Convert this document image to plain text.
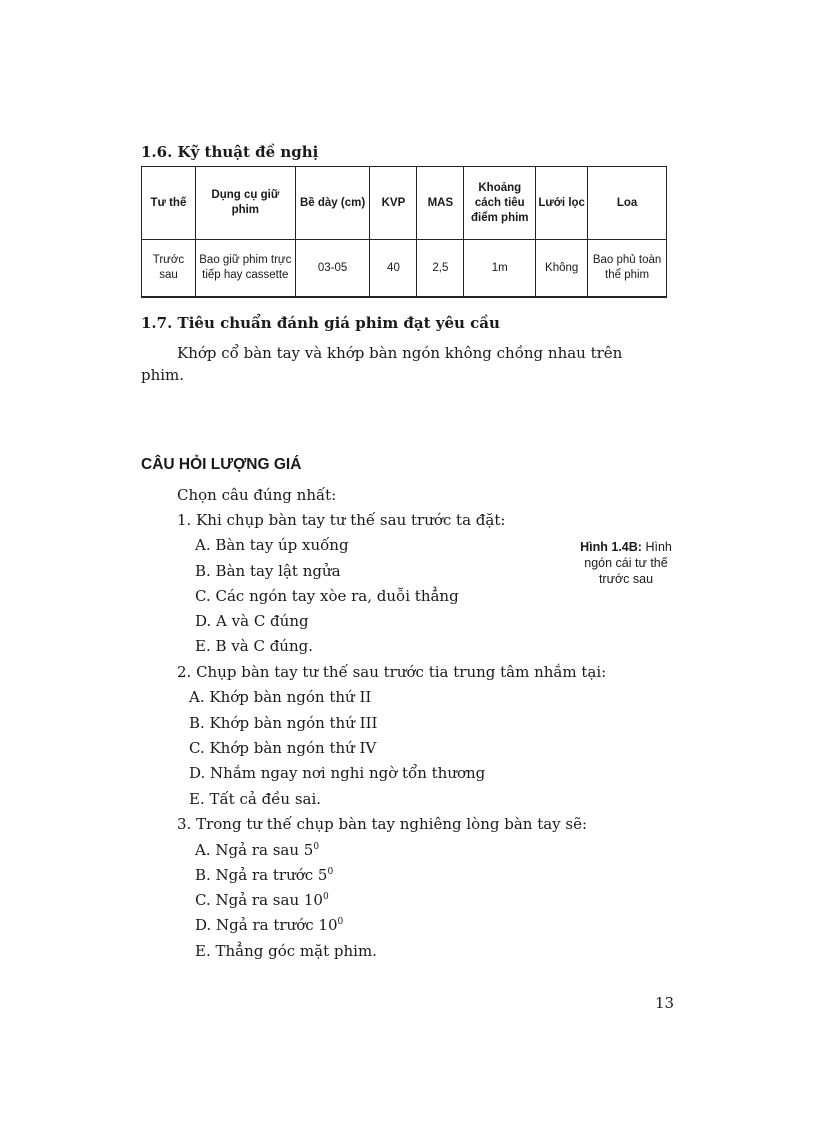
1.6. Kỹ thuật đề nghị
Tư thế	Dụng cụ giữ phim	Bề dày (cm)	KVP	MAS	Khoảng cách tiêu điểm phim	Lưới lọc	Loa
Trước sau	Bao giữ phim trực tiếp hay cassette	03-05	40	2,5	1m	Không	Bao phủ toàn thể phim
1.7. Tiêu chuẩn đánh giá phim đạt yêu cầu
Khớp cổ bàn tay và khớp bàn ngón không chồng nhau trên
phim.
CÂU HỎI LƯỢNG GIÁ
Chọn câu đúng nhất:
1. Khi chụp bàn tay tư thế sau trước ta đặt:
A. Bàn tay úp xuống
B. Bàn tay lật ngửa
C. Các ngón tay xòe ra, duỗi thẳng
D. A và C đúng
E. B và C đúng.
2. Chụp bàn tay tư thế sau trước tia trung tâm nhắm tại:
A. Khớp bàn ngón thứ II
B. Khớp bàn ngón thứ III
C. Khớp bàn ngón thứ IV
D. Nhắm ngay nơi nghi ngờ tổn thương
E. Tất cả đều sai.
3. Trong tư thế chụp bàn tay nghiêng lòng bàn tay sẽ:
A. Ngả ra sau $5^0$
B. Ngả ra trước $5^0$
C. Ngả ra sau $10^0$
D. Ngả ra trước $10^0$
E. Thẳng góc mặt phim.
Hình 1.4B: Hình
ngón cái tư thế
trước sau
13
